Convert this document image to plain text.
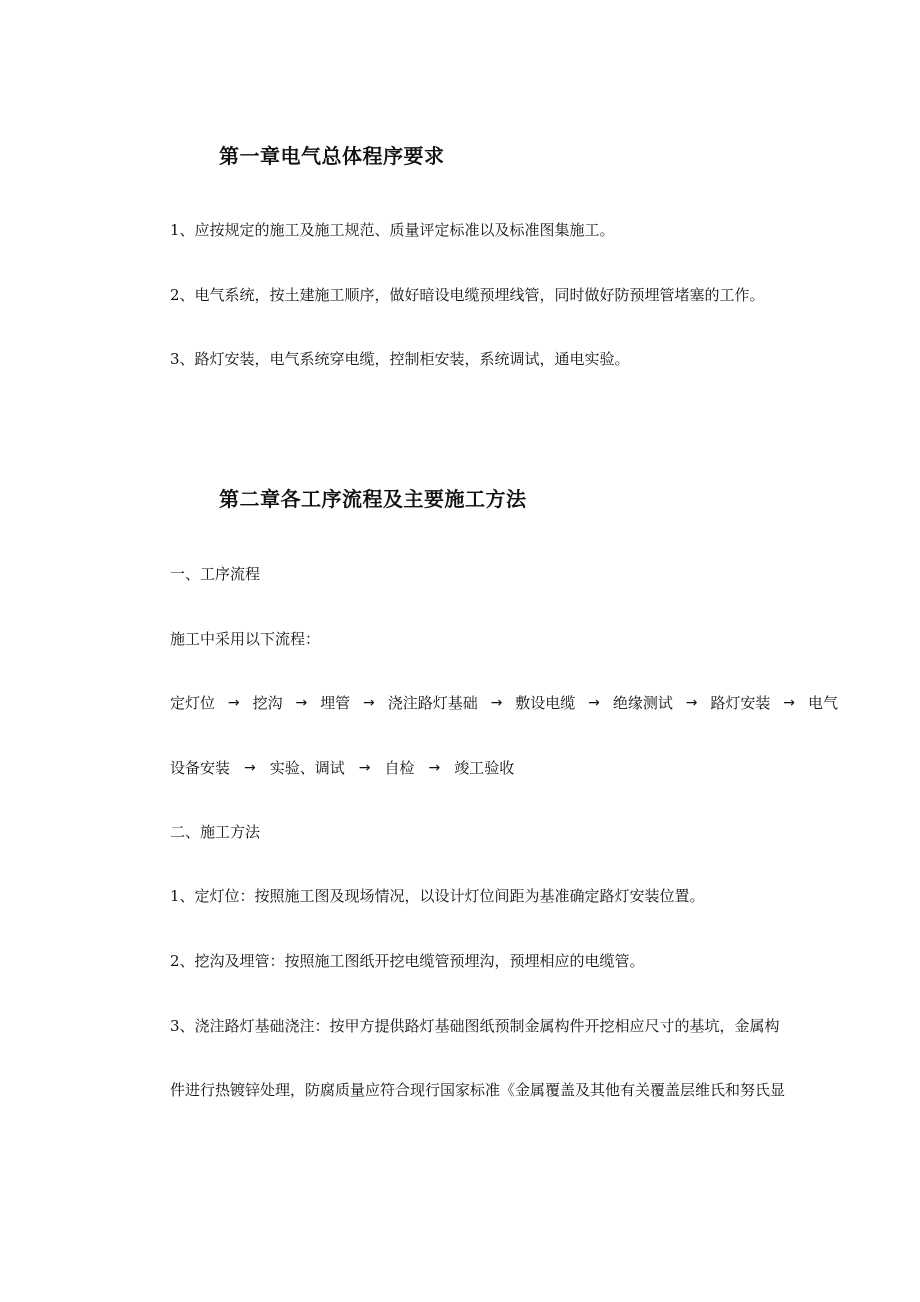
第一章电气总体程序要求

1、应按规定的施工及施工规范、质量评定标准以及标准图集施工。

2、电气系统，按土建施工顺序，做好暗设电缆预埋线管，同时做好防预埋管堵塞的工作。

3、路灯安装，电气系统穿电缆，控制柜安装，系统调试，通电实验。

第二章各工序流程及主要施工方法

一、工序流程

施工中采用以下流程：

定灯位 → 挖沟 → 埋管 → 浇注路灯基础 → 敷设电缆 → 绝缘测试 → 路灯安装 → 电气
设备安装 → 实验、调试 → 自检 → 竣工验收

二、施工方法

1、定灯位：按照施工图及现场情况，以设计灯位间距为基准确定路灯安装位置。

2、挖沟及埋管：按照施工图纸开挖电缆管预埋沟，预埋相应的电缆管。

3、浇注路灯基础浇注：按甲方提供路灯基础图纸预制金属构件开挖相应尺寸的基坑，金属构

件进行热镀锌处理，防腐质量应符合现行国家标准《金属覆盖及其他有关覆盖层维氏和努氏显
